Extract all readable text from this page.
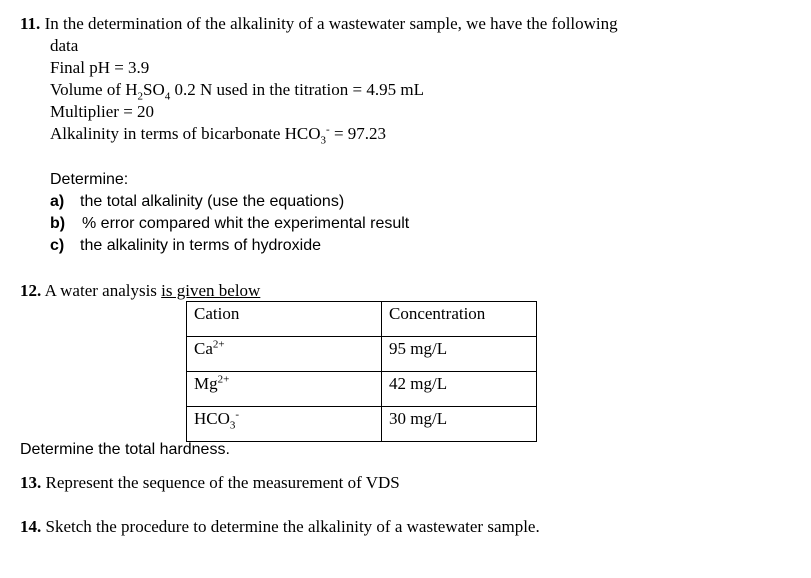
11. In the determination of the alkalinity of a wastewater sample, we have the following
data
Final pH = 3.9
Volume of $H_2SO_4$ 0.2 N used in the titration = 4.95 mL
Multiplier = 20
Alkalinity in terms of bicarbonate $HCO_3^- = 97.23$
Determine:
a) the total alkalinity (use the equations)
b) % error compared whit the experimental result
c) the alkalinity in terms of hydroxide
12. A water analysis is given below
Cation	Concentration
$Ca^{2+}$	95 mg/L
$Mg^{2+}$	42 mg/L
$HCO_3^-$	30 mg/L
Determine the total hardness.
13. Represent the sequence of the measurement of VDS
14. Sketch the procedure to determine the alkalinity of a wastewater sample.
